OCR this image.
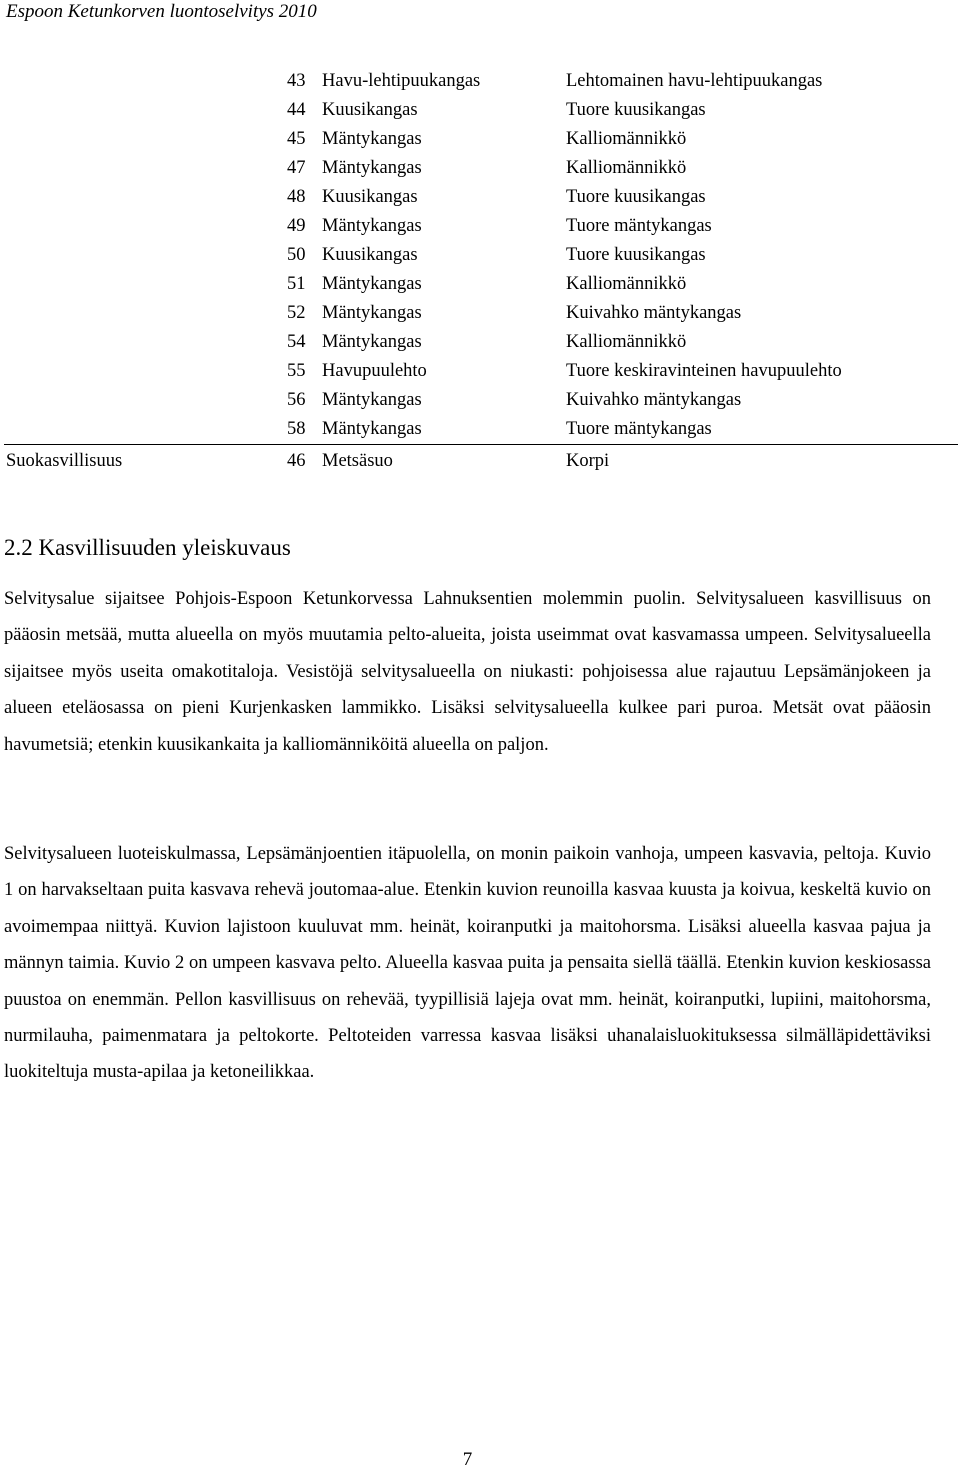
Espoon Ketunkorven luontoselvitys 2010
43 Havu-lehtipuukangas	Lehtomainen havu-lehtipuukangas
44 Kuusikangas	Tuore kuusikangas
45 Mäntykangas	Kalliomännikkö
47 Mäntykangas	Kalliomännikkö
48 Kuusikangas	Tuore kuusikangas
49 Mäntykangas	Tuore mäntykangas
50 Kuusikangas	Tuore kuusikangas
51 Mäntykangas	Kalliomännikkö
52 Mäntykangas	Kuivahko mäntykangas
54 Mäntykangas	Kalliomännikkö
55 Havupuulehto	Tuore keskiravinteinen havupuulehto
56 Mäntykangas	Kuivahko mäntykangas
58 Mäntykangas	Tuore mäntykangas
Suokasvillisuus	46 Metsäsuo	Korpi
2.2 Kasvillisuuden yleiskuvaus

Selvitysalue sijaitsee Pohjois-Espoon Ketunkorvessa Lahnuksentien molemmin puolin. Selvitysalueen kasvillisuus on pääosin metsää, mutta alueella on myös muutamia pelto-alueita, joista useimmat ovat kasvamassa umpeen. Selvitysalueella sijaitsee myös useita omakotitaloja. Vesistöjä selvitysalueella on niukasti: pohjoisessa alue rajautuu Lepsämänjokeen ja alueen eteläosassa on pieni Kurjenkasken lammikko. Lisäksi selvitysalueella kulkee pari puroa. Metsät ovat pääosin havumetsiä; etenkin kuusikankaita ja kalliomänniköitä alueella on paljon.

Selvitysalueen luoteiskulmassa, Lepsämänjoentien itäpuolella, on monin paikoin vanhoja, umpeen kasvavia, peltoja. Kuvio 1 on harvakseltaan puita kasvava rehevä joutomaa-alue. Etenkin kuvion reunoilla kasvaa kuusta ja koivua, keskeltä kuvio on avoimempaa niittyä. Kuvion lajistoon kuuluvat mm. heinät, koiranputki ja maitohorsma. Lisäksi alueella kasvaa pajua ja männyn taimia. Kuvio 2 on umpeen kasvava pelto. Alueella kasvaa puita ja pensaita siellä täällä. Etenkin kuvion keskiosassa puustoa on enemmän. Pellon kasvillisuus on rehevää, tyypillisiä lajeja ovat mm. heinät, koiranputki, lupiini, maitohorsma, nurmilauha, paimenmatara ja peltokorte. Peltoteiden varressa kasvaa lisäksi uhanalaisluokituksessa silmälläpidettäviksi luokiteltuja musta-apilaa ja ketoneilikkaa.

7
